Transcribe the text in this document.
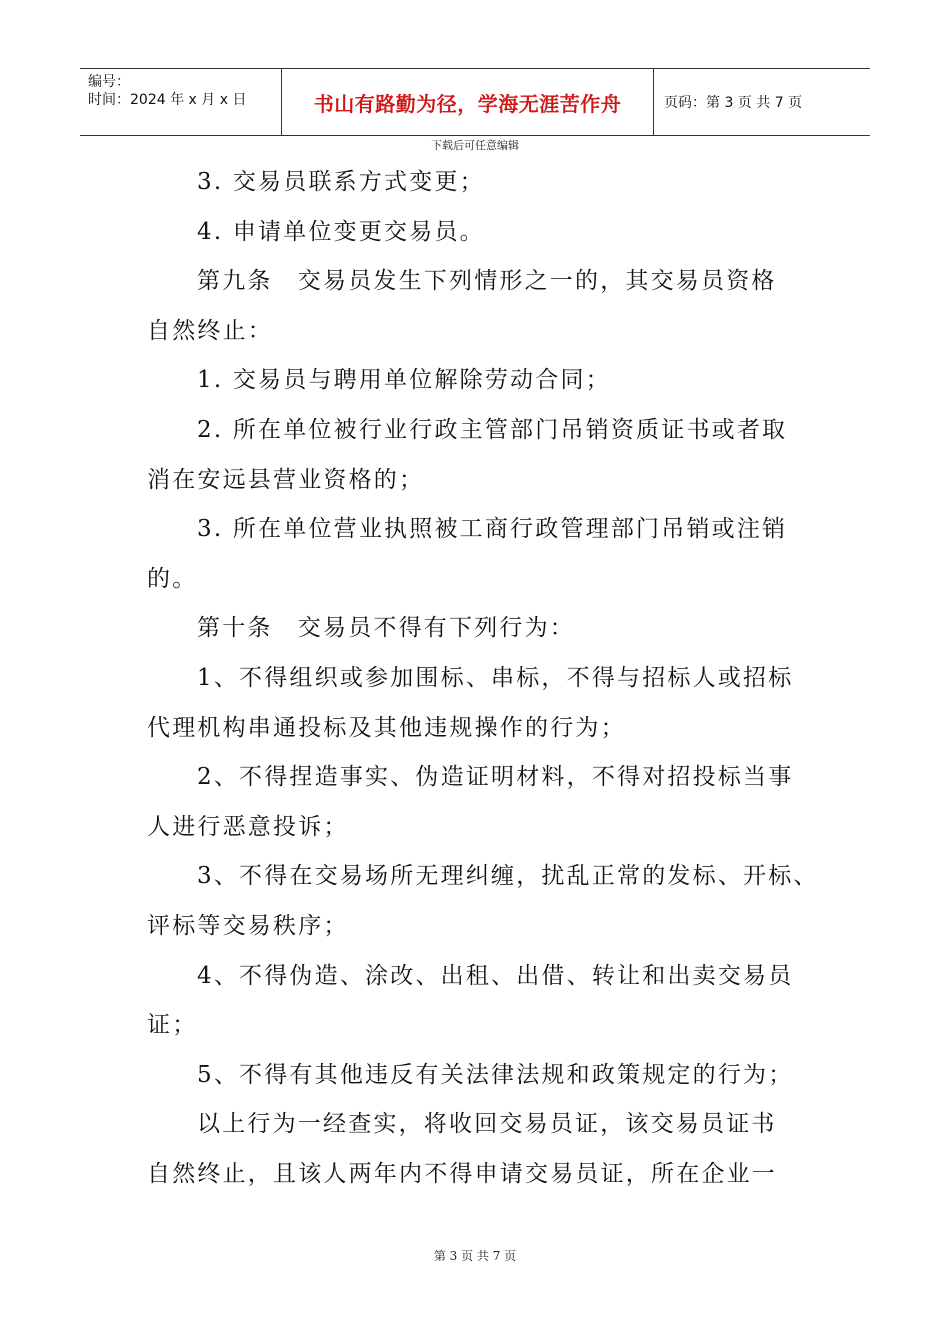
编号：
时间：2024 年 x 月 x 日	书山有路勤为径，学海无涯苦作舟	页码：第 3 页 共 7 页
下载后可任意编辑
3. 交易员联系方式变更；
4. 申请单位变更交易员。
第九条　交易员发生下列情形之一的，其交易员资格
自然终止：
1. 交易员与聘用单位解除劳动合同；
2. 所在单位被行业行政主管部门吊销资质证书或者取
消在安远县营业资格的；
3. 所在单位营业执照被工商行政管理部门吊销或注销
的。
第十条　交易员不得有下列行为：
1、不得组织或参加围标、串标，不得与招标人或招标
代理机构串通投标及其他违规操作的行为；
2、不得捏造事实、伪造证明材料，不得对招投标当事
人进行恶意投诉；
3、不得在交易场所无理纠缠，扰乱正常的发标、开标、
评标等交易秩序；
4、不得伪造、涂改、出租、出借、转让和出卖交易员
证；
5、不得有其他违反有关法律法规和政策规定的行为；
以上行为一经查实，将收回交易员证，该交易员证书
自然终止，且该人两年内不得申请交易员证，所在企业一
第 3 页 共 7 页
